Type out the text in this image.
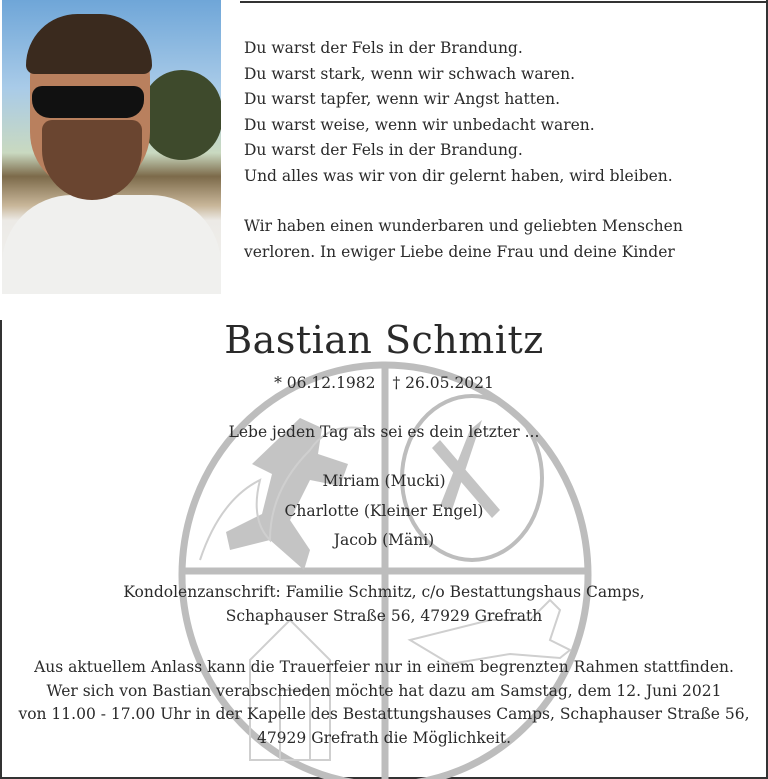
Du warst der Fels in der Brandung.

Du warst stark, wenn wir schwach waren.

Du warst tapfer, wenn wir Angst hatten.

Du warst weise, wenn wir unbedacht waren.

Du warst der Fels in der Brandung.

Und alles was wir von dir gelernt haben, wird bleiben.

Wir haben einen wunderbaren und geliebten Menschen

verloren. In ewiger Liebe deine Frau und deine Kinder

Bastian Schmitz
* 06.12.1982 † 26.05.2021
Lebe jeden Tag als sei es dein letzter ...
Miriam (Mucki)
Charlotte (Kleiner Engel)
Jacob (Mäni)
Kondolenzanschrift: Familie Schmitz, c/o Bestattungshaus Camps,
Schaphauser Straße 56, 47929 Grefrath
Aus aktuellem Anlass kann die Trauerfeier nur in einem begrenzten Rahmen stattfinden.
Wer sich von Bastian verabschieden möchte hat dazu am Samstag, dem 12. Juni 2021
von 11.00 - 17.00 Uhr in der Kapelle des Bestattungshauses Camps, Schaphauser Straße 56,
47929 Grefrath die Möglichkeit.
